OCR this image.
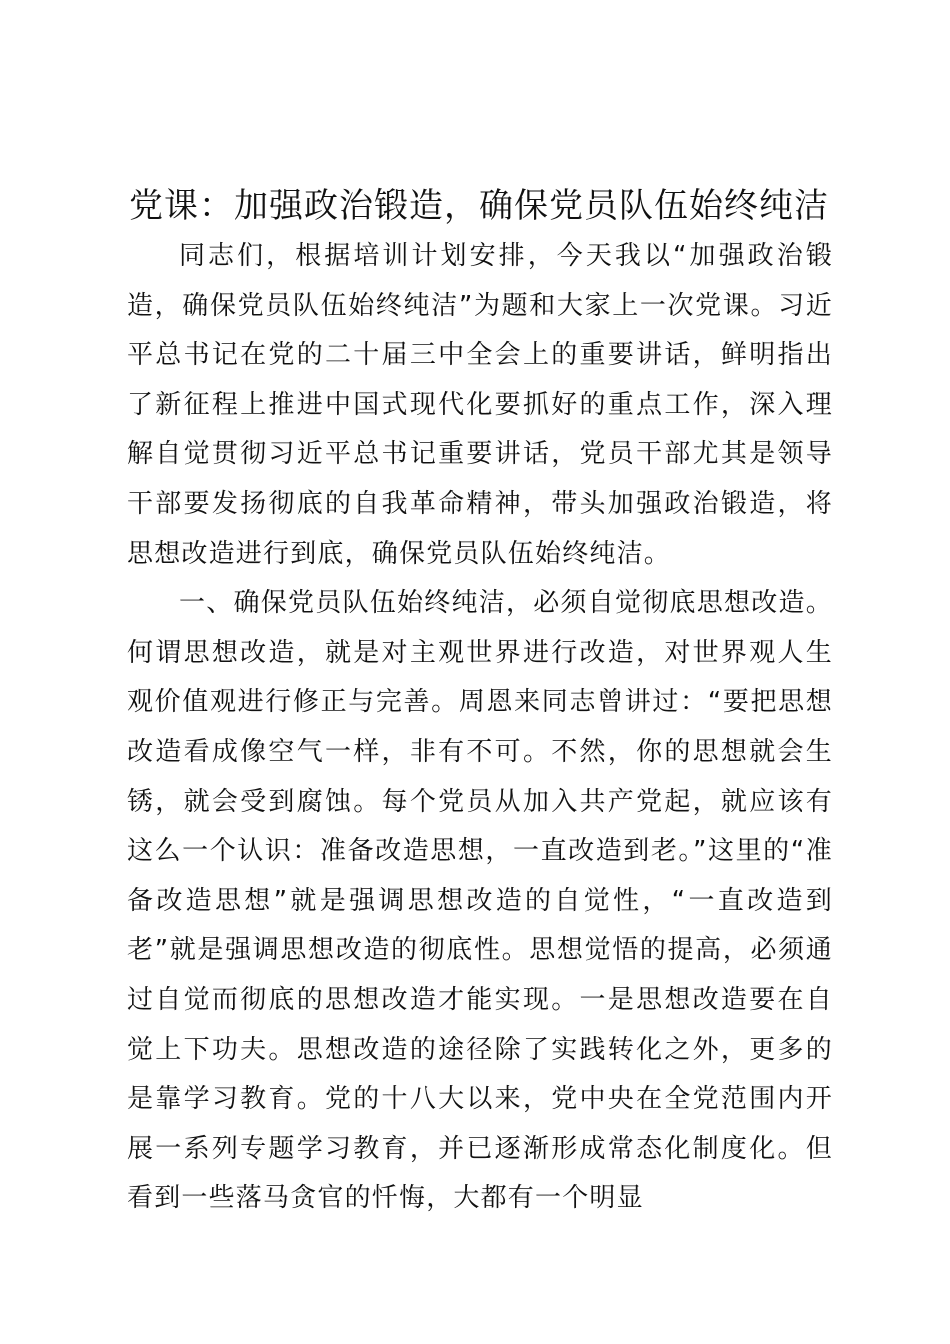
党课：加强政治锻造，确保党员队伍始终纯洁

同志们，根据培训计划安排，今天我以“加强政治锻造，确保党员队伍始终纯洁”为题和大家上一次党课。习近平总书记在党的二十届三中全会上的重要讲话，鲜明指出了新征程上推进中国式现代化要抓好的重点工作，深入理解自觉贯彻习近平总书记重要讲话，党员干部尤其是领导干部要发扬彻底的自我革命精神，带头加强政治锻造，将思想改造进行到底，确保党员队伍始终纯洁。

一、确保党员队伍始终纯洁，必须自觉彻底思想改造。何谓思想改造，就是对主观世界进行改造，对世界观人生观价值观进行修正与完善。周恩来同志曾讲过：“要把思想改造看成像空气一样，非有不可。不然，你的思想就会生锈，就会受到腐蚀。每个党员从加入共产党起，就应该有这么一个认识：准备改造思想，一直改造到老。”这里的“准备改造思想”就是强调思想改造的自觉性，“一直改造到老”就是强调思想改造的彻底性。思想觉悟的提高，必须通过自觉而彻底的思想改造才能实现。一是思想改造要在自觉上下功夫。思想改造的途径除了实践转化之外，更多的是靠学习教育。党的十八大以来，党中央在全党范围内开展一系列专题学习教育，并已逐渐形成常态化制度化。但看到一些落马贪官的忏悔，大都有一个明显
